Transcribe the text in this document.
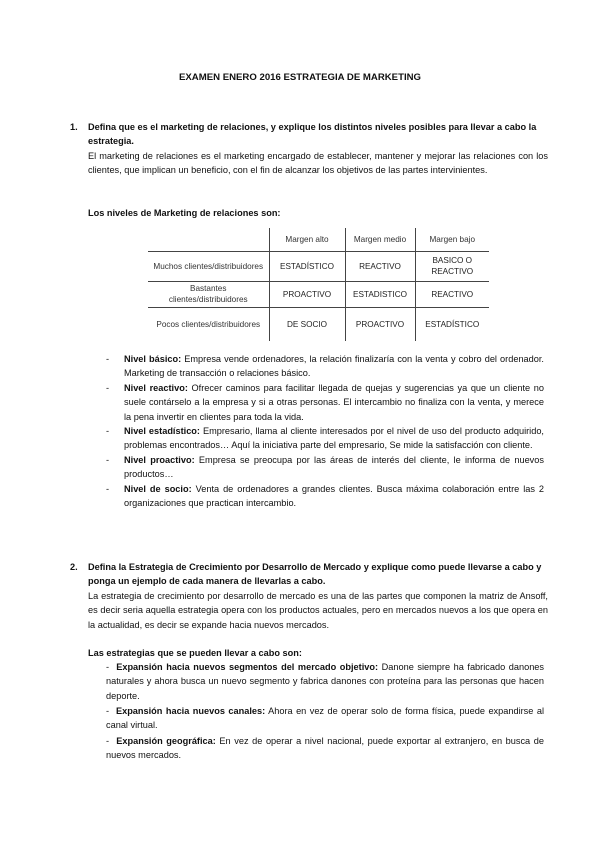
EXAMEN ENERO 2016 ESTRATEGIA DE MARKETING
1. Defina que es el marketing de relaciones, y explique los distintos niveles posibles para llevar a cabo la estrategia.
El marketing de relaciones es el marketing encargado de establecer, mantener y mejorar las relaciones con los clientes, que implican un beneficio, con el fin de alcanzar los objetivos de las partes intervinientes.
Los niveles de Marketing de relaciones son:
	Margen alto	Margen medio	Margen bajo
Muchos clientes/distribuidores	ESTADÍSTICO	REACTIVO	BASICO O REACTIVO
Bastantes clientes/distribuidores	PROACTIVO	ESTADISTICO	REACTIVO
Pocos clientes/distribuidores	DE SOCIO	PROACTIVO	ESTADÍSTICO
- Nivel básico: Empresa vende ordenadores, la relación finalizaría con la venta y cobro del ordenador. Marketing de transacción o relaciones básico.
- Nivel reactivo: Ofrecer caminos para facilitar llegada de quejas y sugerencias ya que un cliente no suele contárselo a la empresa y si a otras personas. El intercambio no finaliza con la venta, y merece la pena invertir en clientes para toda la vida.
- Nivel estadístico: Empresario, llama al cliente interesados por el nivel de uso del producto adquirido, problemas encontrados… Aquí la iniciativa parte del empresario, Se mide la satisfacción con cliente.
- Nivel proactivo: Empresa se preocupa por las áreas de interés del cliente, le informa de nuevos productos…
- Nivel de socio: Venta de ordenadores a grandes clientes. Busca máxima colaboración entre las 2 organizaciones que practican intercambio.
2. Defina la Estrategia de Crecimiento por Desarrollo de Mercado y explique como puede llevarse a cabo y ponga un ejemplo de cada manera de llevarlas a cabo.
La estrategia de crecimiento por desarrollo de mercado es una de las partes que componen la matriz de Ansoff, es decir seria aquella estrategia opera con los productos actuales, pero en mercados nuevos a los que opera en la actualidad, es decir se expande hacia nuevos mercados.
Las estrategias que se pueden llevar a cabo son:
- Expansión hacia nuevos segmentos del mercado objetivo: Danone siempre ha fabricado danones naturales y ahora busca un nuevo segmento y fabrica danones con proteína para las personas que hacen deporte.
- Expansión hacia nuevos canales: Ahora en vez de operar solo de forma física, puede expandirse al canal virtual.
- Expansión geográfica: En vez de operar a nivel nacional, puede exportar al extranjero, en busca de nuevos mercados.
